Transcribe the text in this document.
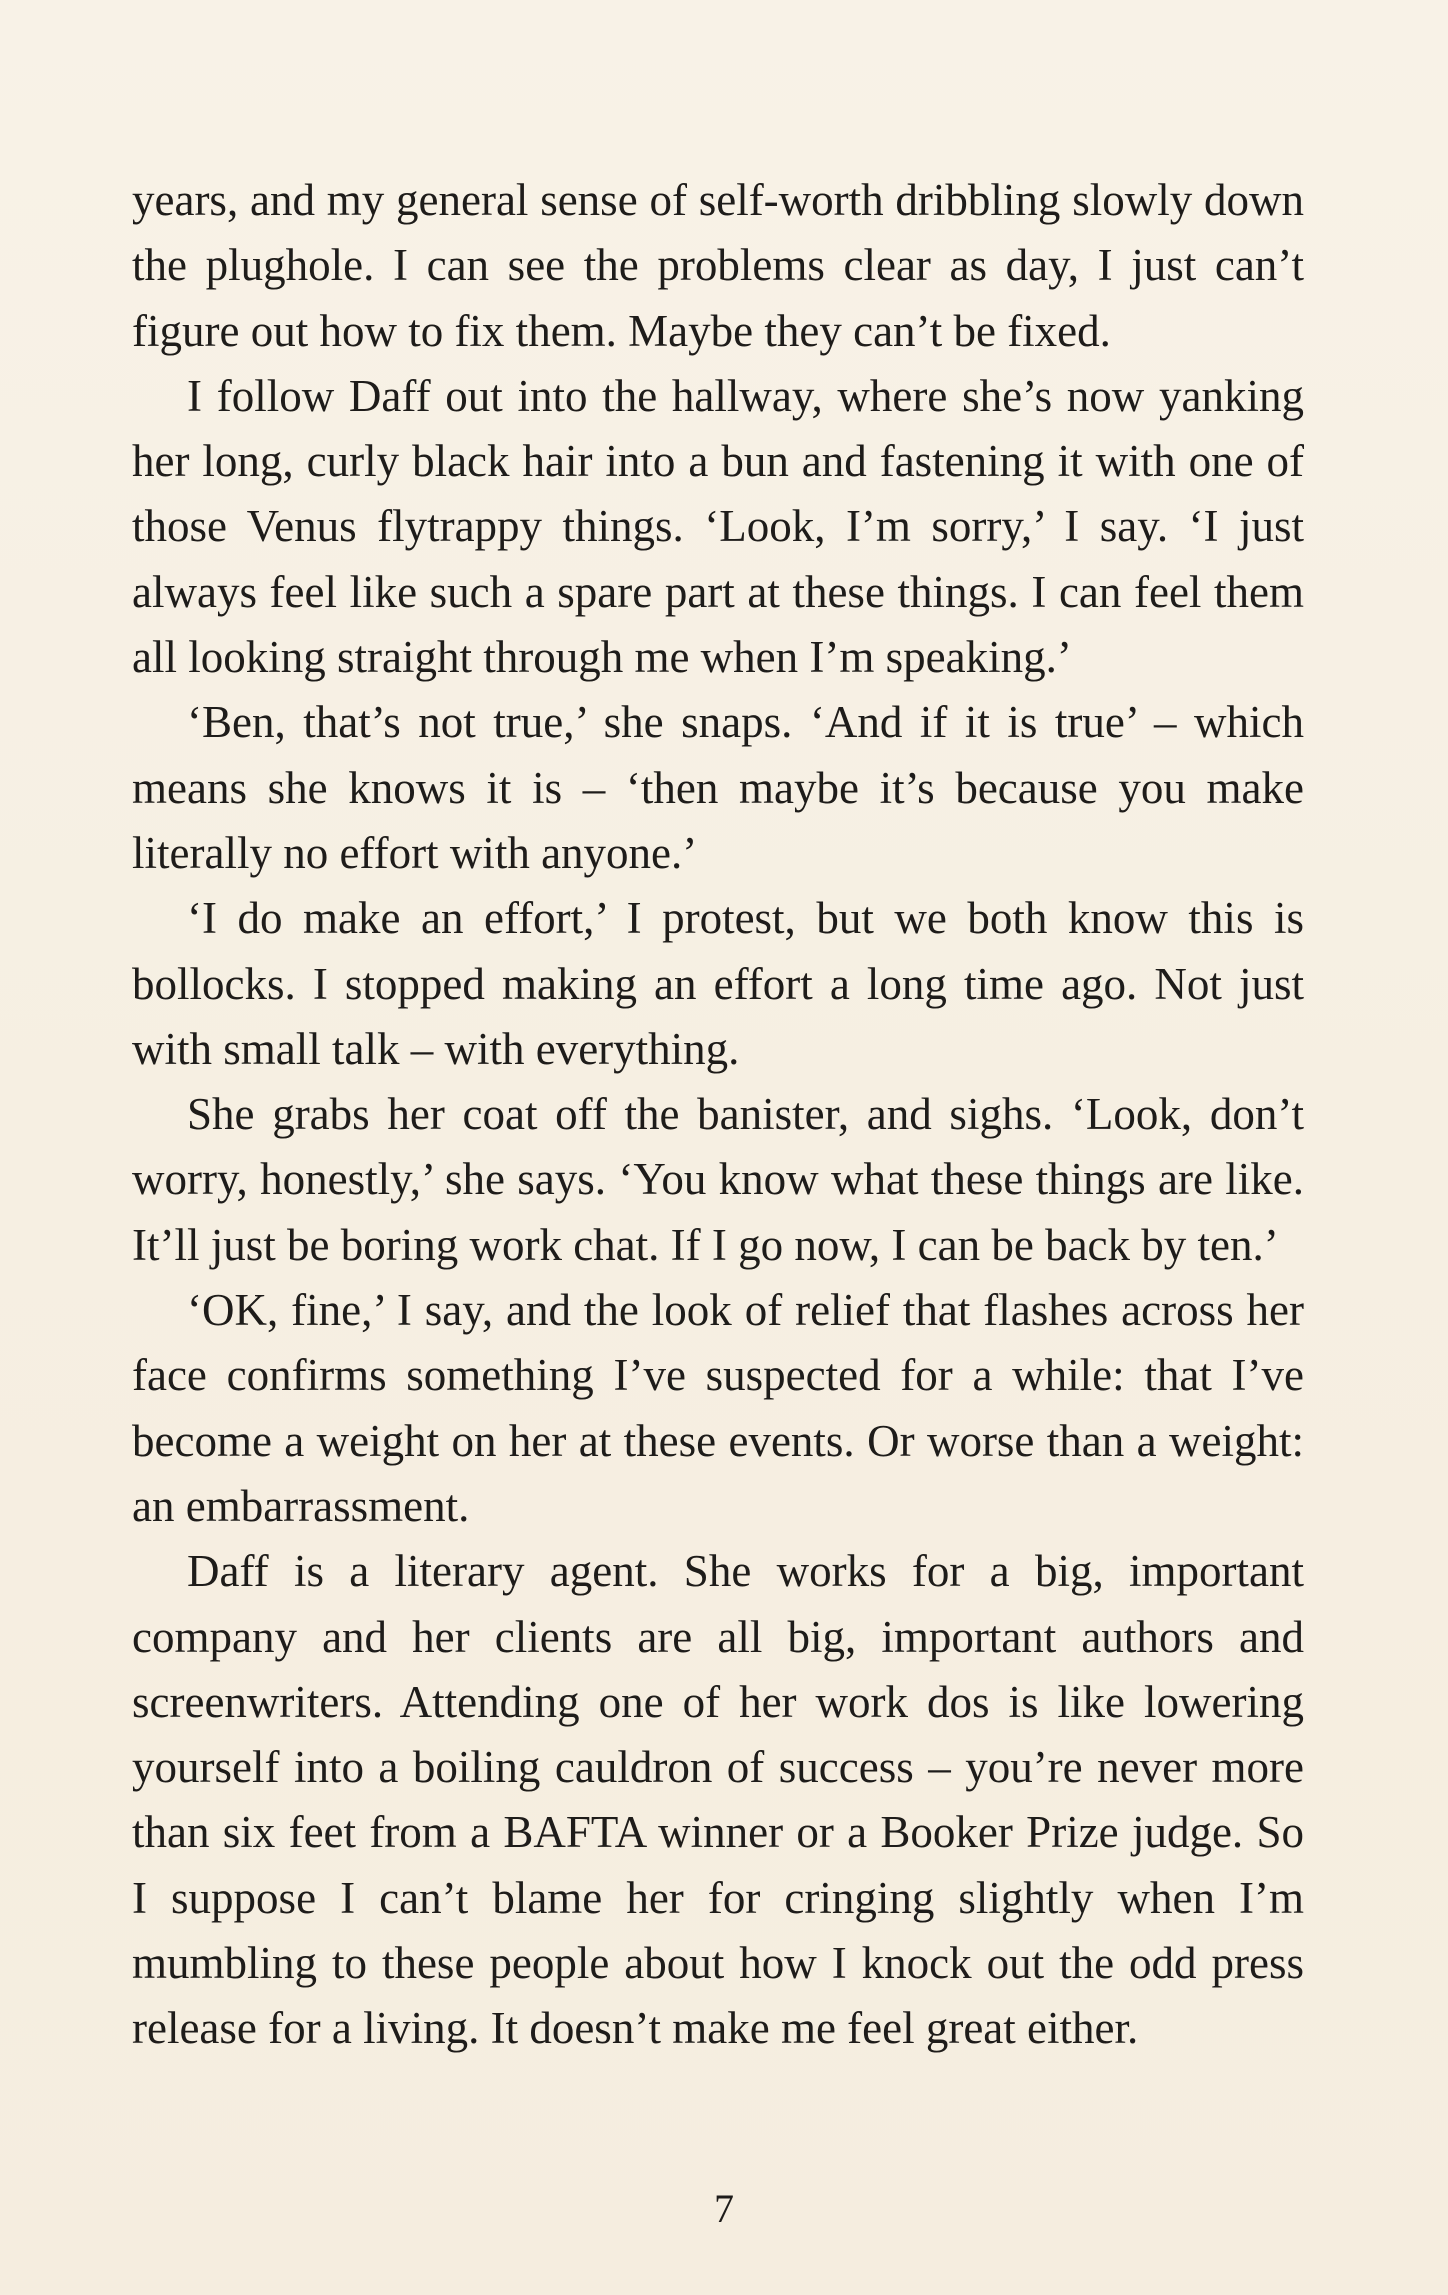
years, and my general sense of self-worth dribbling slowly down the plughole. I can see the problems clear as day, I just can’t figure out how to fix them. Maybe they can’t be fixed.

I follow Daff out into the hallway, where she’s now yanking her long, curly black hair into a bun and fastening it with one of those Venus flytrappy things. ‘Look, I’m sorry,’ I say. ‘I just always feel like such a spare part at these things. I can feel them all looking straight through me when I’m speaking.’

‘Ben, that’s not true,’ she snaps. ‘And if it is true’ – which means she knows it is – ‘then maybe it’s because you make literally no effort with anyone.’

‘I do make an effort,’ I protest, but we both know this is bollocks. I stopped making an effort a long time ago. Not just with small talk – with everything.

She grabs her coat off the banister, and sighs. ‘Look, don’t worry, honestly,’ she says. ‘You know what these things are like. It’ll just be boring work chat. If I go now, I can be back by ten.’

‘OK, fine,’ I say, and the look of relief that flashes across her face confirms something I’ve suspected for a while: that I’ve become a weight on her at these events. Or worse than a weight: an embarrassment.

Daff is a literary agent. She works for a big, important company and her clients are all big, important authors and screenwriters. Attending one of her work dos is like lowering yourself into a boiling cauldron of success – you’re never more than six feet from a BAFTA winner or a Booker Prize judge. So I suppose I can’t blame her for cringing slightly when I’m mumbling to these people about how I knock out the odd press release for a living. It doesn’t make me feel great either.

7
